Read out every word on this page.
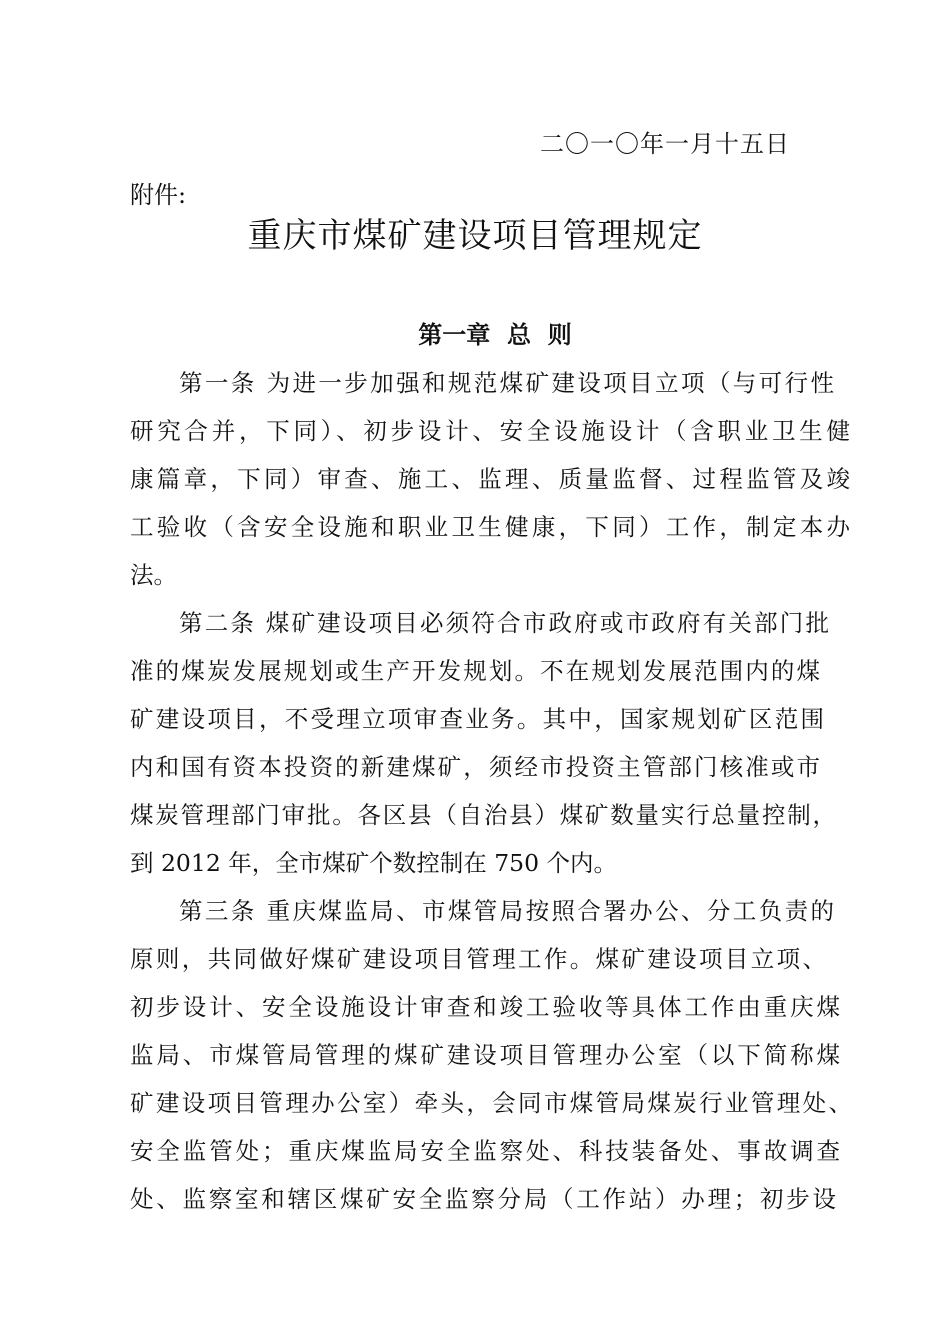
二〇一〇年一月十五日
附件:
重庆市煤矿建设项目管理规定
第一章  总  则
第一条 为进一步加强和规范煤矿建设项目立项（与可行性
研究合并，下同）、初步设计、安全设施设计（含职业卫生健
康篇章，下同）审查、施工、监理、质量监督、过程监管及竣
工验收（含安全设施和职业卫生健康，下同）工作，制定本办
法。
第二条 煤矿建设项目必须符合市政府或市政府有关部门批
准的煤炭发展规划或生产开发规划。不在规划发展范围内的煤
矿建设项目，不受理立项审查业务。其中，国家规划矿区范围
内和国有资本投资的新建煤矿，须经市投资主管部门核准或市
煤炭管理部门审批。各区县（自治县）煤矿数量实行总量控制，
到 2012 年，全市煤矿个数控制在 750 个内。
第三条 重庆煤监局、市煤管局按照合署办公、分工负责的
原则，共同做好煤矿建设项目管理工作。煤矿建设项目立项、
初步设计、安全设施设计审查和竣工验收等具体工作由重庆煤
监局、市煤管局管理的煤矿建设项目管理办公室（以下简称煤
矿建设项目管理办公室）牵头，会同市煤管局煤炭行业管理处、
安全监管处；重庆煤监局安全监察处、科技装备处、事故调查
处、监察室和辖区煤矿安全监察分局（工作站）办理；初步设
